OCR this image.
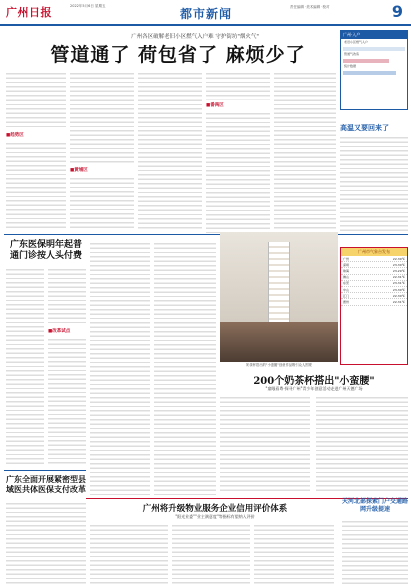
广州日报	2022年5月6日 星期五
都市新闻	责任编辑 ·美术编辑 ·校对	9
广州各区破解老旧小区燃气入户难 守护街坊"烟火气"
管道通了 荷包省了 麻烦少了
■趋势区
■黄埔区
■番禺区
广州·入户
老旧小区燃气入户
管道气改造
统计数据
高温又要回来了
广东医保明年起普通门诊按人头付费
■改革试点
广东全面开展紧密型县域医共体医保支付改革
奶茶杯搭出的"小蛮腰"创意作品吸引众人围观
广州市气象台发布
广州	22-30℃
深圳	23-30℃
珠海	23-29℃
佛山	22-31℃
东莞	23-31℃
中山	23-30℃
江门	22-30℃
惠州	22-31℃
200个奶茶杯搭出"小蛮腰"
"童眼看粤·探寻广州"青少年创意活动走进广州天德广场
广州将升级物业服务企业信用评价体系
"阳光业委""业主满意度"等指标有望纳入评价
天河北部探索门户交通路网升级提速
